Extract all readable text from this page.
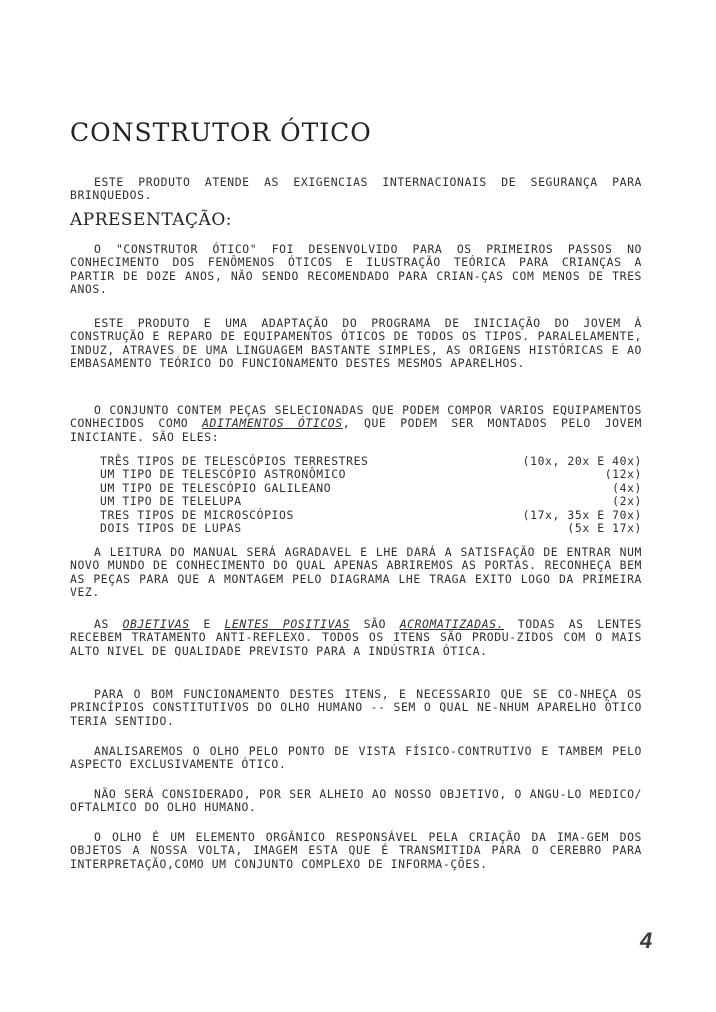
CONSTRUTOR ÓTICO

ESTE PRODUTO ATENDE AS EXIGENCIAS INTERNACIONAIS DE SEGURANÇA PARA BRINQUEDOS.

APRESENTAÇÃO:

O "CONSTRUTOR ÓTICO" FOI DESENVOLVIDO PARA OS PRIMEIROS PASSOS NO CONHECIMENTO DOS FENÔMENOS ÓTICOS E ILUSTRAÇÃO TEÓRICA PARA CRIANÇAS A PARTIR DE DOZE ANOS, NÃO SENDO RECOMENDADO PARA CRIAN-ÇAS COM MENOS DE TRES ANOS.

ESTE PRODUTO E UMA ADAPTAÇÃO DO PROGRAMA DE INICIAÇÃO DO JOVEM À CONSTRUÇÃO E REPARO DE EQUIPAMENTOS ÓTICOS DE TODOS OS TIPOS. PARALELAMENTE, INDUZ, ATRAVES DE UMA LINGUAGEM BASTANTE SIMPLES, AS ORIGENS HISTÓRICAS E AO EMBASAMENTO TEÓRICO DO FUNCIONAMENTO DESTES MESMOS APARELHOS.

O CONJUNTO CONTEM PEÇAS SELECIONADAS QUE PODEM COMPOR VARIOS EQUIPAMENTOS CONHECIDOS COMO ADITAMENTOS ÓTICOS, QUE PODEM SER MONTADOS PELO JOVEM INICIANTE. SÃO ELES:

TRÊS TIPOS DE TELESCÓPIOS TERRESTRES	(10x, 20x E 40x)
UM TIPO DE TELESCÓPIO ASTRONÔMICO	(12x)
UM TIPO DE TELESCÓPIO GALILEANO	(4x)
UM TIPO DE TELELUPA	(2x)
TRES TIPOS DE MICROSCÓPIOS	(17x, 35x E 70x)
DOIS TIPOS DE LUPAS	(5x E 17x)

A LEITURA DO MANUAL SERÁ AGRADAVEL E LHE DARÁ A SATISFAÇÃO DE ENTRAR NUM NOVO MUNDO DE CONHECIMENTO DO QUAL APENAS ABRIREMOS AS PORTAS. RECONHEÇA BEM AS PEÇAS PARA QUE A MONTAGEM PELO DIAGRAMA LHE TRAGA EXITO LOGO DA PRIMEIRA VEZ.

AS OBJETIVAS E LENTES POSITIVAS SÃO ACROMATIZADAS. TODAS AS LENTES RECEBEM TRATAMENTO ANTI-REFLEXO. TODOS OS ITENS SÃO PRODU-ZIDOS COM O MAIS ALTO NIVEL DE QUALIDADE PREVISTO PARA A INDÚSTRIA ÓTICA.

PARA O BOM FUNCIONAMENTO DESTES ITENS, E NECESSARIO QUE SE CO-NHEÇA OS PRINCÍPIOS CONSTITUTIVOS DO OLHO HUMANO -- SEM O QUAL NE-NHUM APARELHO ÓTICO TERIA SENTIDO.

ANALISAREMOS O OLHO PELO PONTO DE VISTA FÍSICO-CONTRUTIVO E TAMBEM PELO ASPECTO EXCLUSIVAMENTE ÓTICO.

NÃO SERÁ CONSIDERADO, POR SER ALHEIO AO NOSSO OBJETIVO, O ANGU-LO MEDICO/ OFTALMICO DO OLHO HUMANO.

O OLHO É UM ELEMENTO ORGÂNICO RESPONSÁVEL PELA CRIAÇÃO DA IMA-GEM DOS OBJETOS A NOSSA VOLTA, IMAGEM ESTA QUE É TRANSMITIDA PARA O CEREBRO PARA INTERPRETAÇÃO,COMO UM CONJUNTO COMPLEXO DE INFORMA-ÇÕES.

4
